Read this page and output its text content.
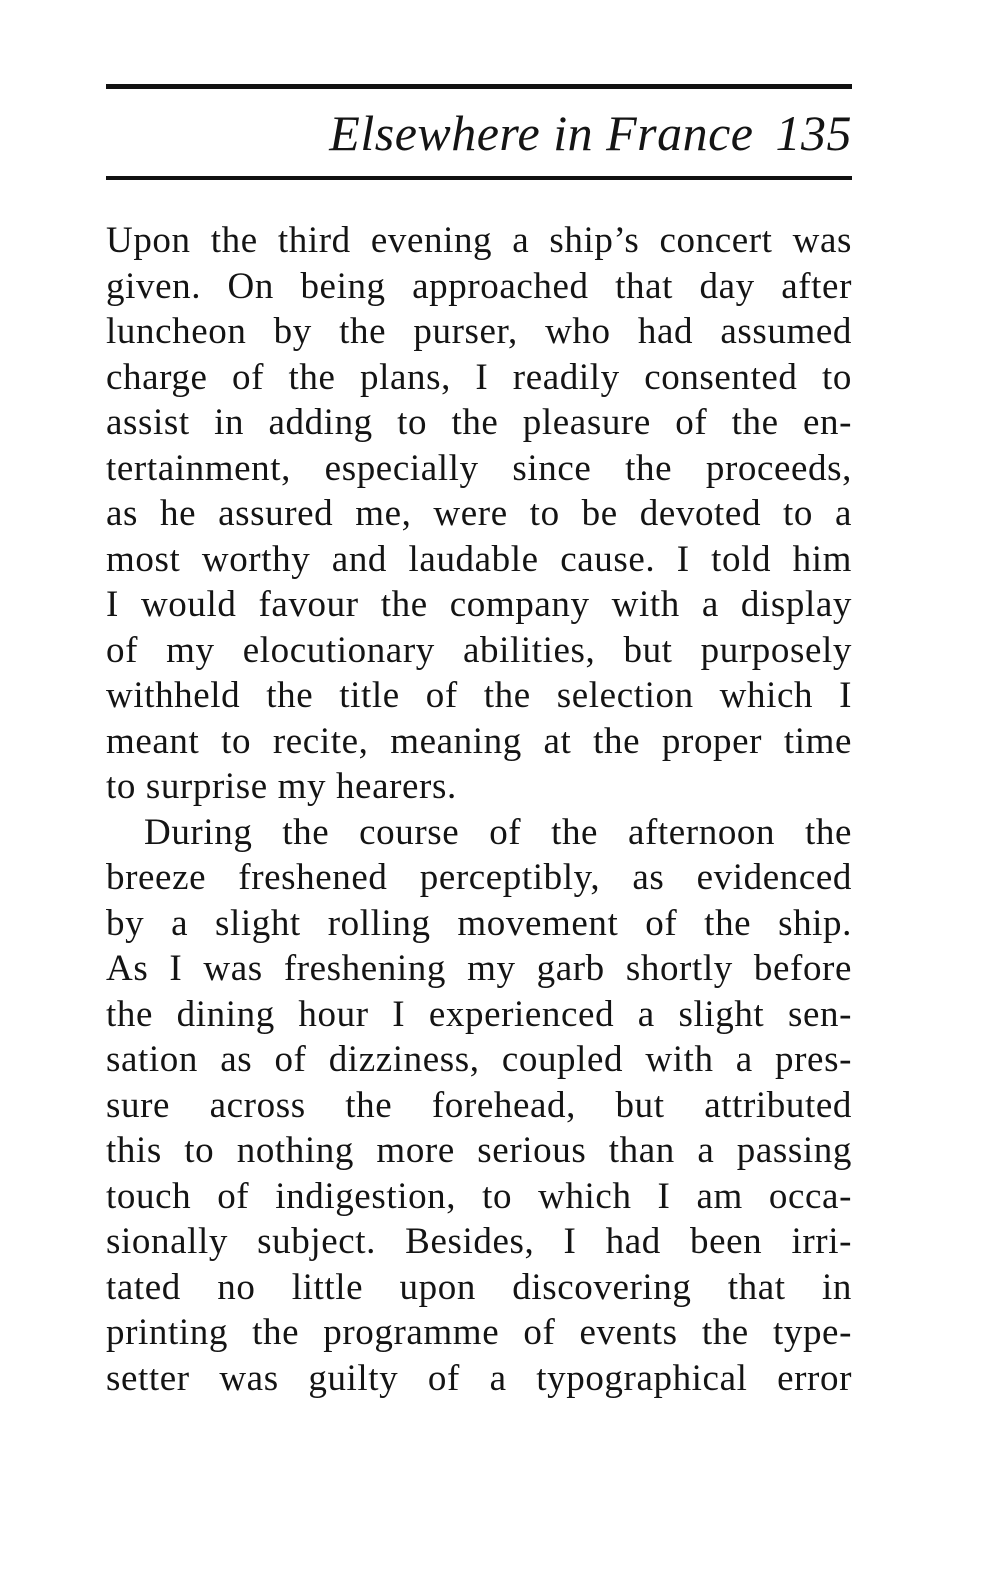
Elsewhere in France 135
Upon the third evening a ship’s concert was
given. On being approached that day after
luncheon by the purser, who had assumed
charge of the plans, I readily consented to
assist in adding to the pleasure of the en-
tertainment, especially since the proceeds,
as he assured me, were to be devoted to a
most worthy and laudable cause. I told him
I would favour the company with a display
of my elocutionary abilities, but purposely
withheld the title of the selection which I
meant to recite, meaning at the proper time
to surprise my hearers.
During the course of the afternoon the
breeze freshened perceptibly, as evidenced
by a slight rolling movement of the ship.
As I was freshening my garb shortly before
the dining hour I experienced a slight sen-
sation as of dizziness, coupled with a pres-
sure across the forehead, but attributed
this to nothing more serious than a passing
touch of indigestion, to which I am occa-
sionally subject. Besides, I had been irri-
tated no little upon discovering that in
printing the programme of events the type-
setter was guilty of a typographical error
